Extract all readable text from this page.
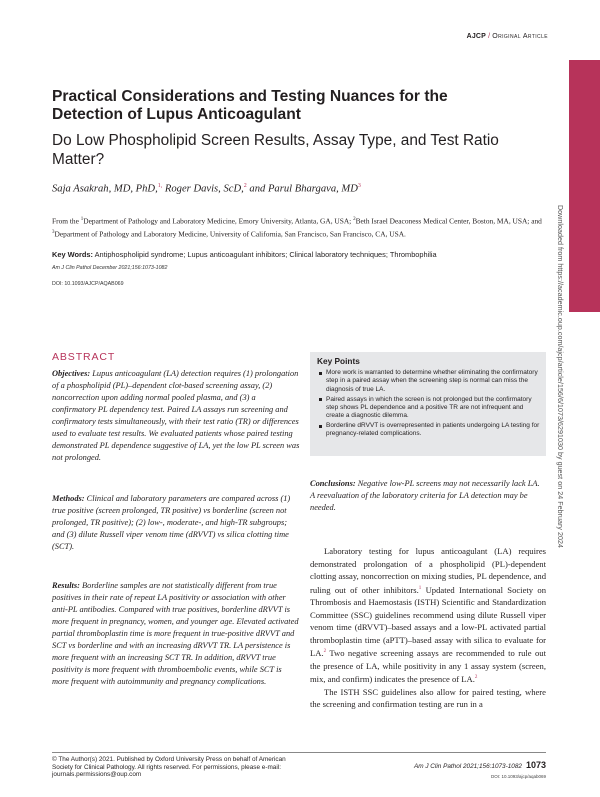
AJCP / Original Article
Downloaded from https://academic.oup.com/ajcp/article/156/6/1073/6291030 by guest on 24 February 2024
Practical Considerations and Testing Nuances for the Detection of Lupus Anticoagulant
Do Low Phospholipid Screen Results, Assay Type, and Test Ratio Matter?
Saja Asakrah, MD, PhD,$^{1,}$ Roger Davis, ScD,$^2$ and Parul Bhargava, $MD^3$
From the $^1$Department of Pathology and Laboratory Medicine, Emory University, Atlanta, GA, USA; $^2$Beth Israel Deaconess Medical Center, Boston, MA, USA; and $^3$Department of Pathology and Laboratory Medicine, University of California, San Francisco, San Francisco, CA, USA.
Key Words: Antiphospholipid syndrome; Lupus anticoagulant inhibitors; Clinical laboratory techniques; Thrombophilia
Am J Clin Pathol December 2021;156:1073-1082
DOI: 10.1093/AJCP/AQAB069
ABSTRACT
Objectives: Lupus anticoagulant (LA) detection requires (1) prolongation of a phospholipid (PL)–dependent clot-based screening assay, (2) noncorrection upon adding normal pooled plasma, and (3) a confirmatory PL dependency test. Paired LA assays run screening and confirmatory tests simultaneously, with their test ratio (TR) or differences used to evaluate test results. We evaluated patients whose paired testing demonstrated PL dependence suggestive of LA, yet the low PL screen was not prolonged.
Methods: Clinical and laboratory parameters are compared across (1) true positive (screen prolonged, TR positive) vs borderline (screen not prolonged, TR positive); (2) low-, moderate-, and high-TR subgroups; and (3) dilute Russell viper venom time (dRVVT) vs silica clotting time (SCT).
Results: Borderline samples are not statistically different from true positives in their rate of repeat LA positivity or association with other anti-PL antibodies. Compared with true positives, borderline dRVVT is more frequent in pregnancy, women, and younger age. Elevated activated partial thromboplastin time is more frequent in true-positive dRVVT and SCT vs borderline and with an increasing dRVVT TR. LA persistence is more frequent with an increasing SCT TR. In addition, dRVVT true positivity is more frequent with thromboembolic events, while SCT is more frequent with autoimmunity and pregnancy complications.
Key Points
More work is warranted to determine whether eliminating the confirmatory step in a paired assay when the screening step is normal can miss the diagnosis of true LA.
Paired assays in which the screen is not prolonged but the confirmatory step shows PL dependence and a positive TR are not infrequent and create a diagnostic dilemma.
Borderline dRVVT is overrepresented in patients undergoing LA testing for pregnancy-related complications.
Conclusions: Negative low-PL screens may not necessarily lack LA. A reevaluation of the laboratory criteria for LA detection may be needed.

Laboratory testing for lupus anticoagulant (LA) requires demonstrated prolongation of a phospholipid (PL)-dependent clotting assay, noncorrection on mixing studies, PL dependence, and ruling out of other inhibitors.$^1$ Updated International Society on Thrombosis and Haemostasis (ISTH) Scientific and Standardization Committee (SSC) guidelines recommend using dilute Russell viper venom time (dRVVT)–based assays and a low-PL activated partial thromboplastin time (aPTT)–based assay with silica to evaluate for LA.$^2$ Two negative screening assays are recommended to rule out the presence of LA, while positivity in any 1 assay system (screen, mix, and confirm) indicates the presence of LA.$^2$

The ISTH SSC guidelines also allow for paired testing, where the screening and confirmation testing are run in a

© The Author(s) 2021. Published by Oxford University Press on behalf of American Society for Clinical Pathology. All rights reserved. For permissions, please e-mail: journals.permissions@oup.com
Am J Clin Pathol 2021;156:1073-1082 1073
DOI: 10.1093/ajcp/aqab069
